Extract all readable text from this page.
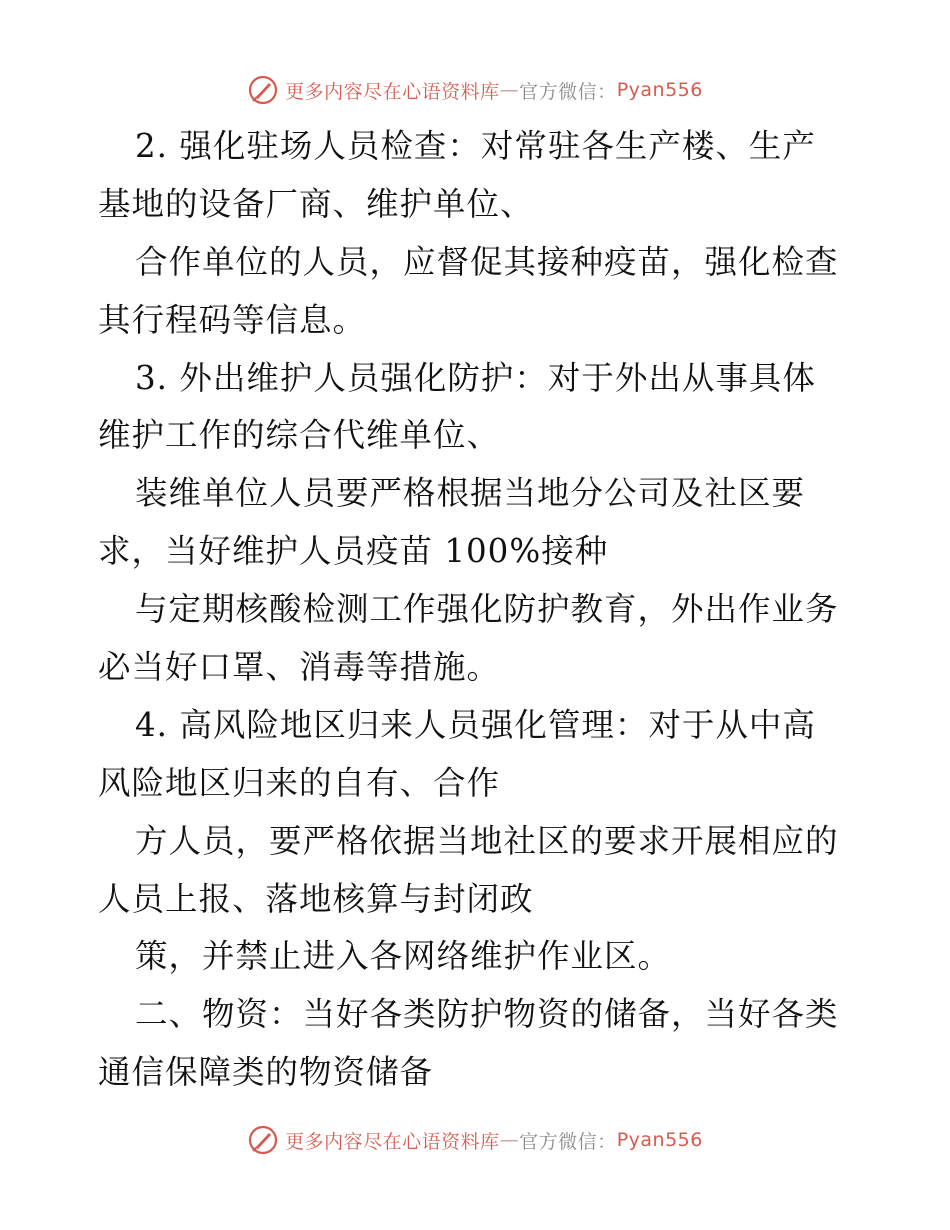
更多内容尽在心语资料库 — 官方微信： Pyan556
2. 强化驻场人员检查：对常驻各生产楼、生产
基地的设备厂商、维护单位、
合作单位的人员，应督促其接种疫苗，强化检查
其行程码等信息。
3. 外出维护人员强化防护：对于外出从事具体
维护工作的综合代维单位、
装维单位人员要严格根据当地分公司及社区要
求，当好维护人员疫苗 100%接种
与定期核酸检测工作强化防护教育，外出作业务
必当好口罩、消毒等措施。
4. 高风险地区归来人员强化管理：对于从中高
风险地区归来的自有、合作
方人员，要严格依据当地社区的要求开展相应的
人员上报、落地核算与封闭政
策，并禁止进入各网络维护作业区。
二、物资：当好各类防护物资的储备，当好各类
通信保障类的物资储备
更多内容尽在心语资料库 — 官方微信： Pyan556
